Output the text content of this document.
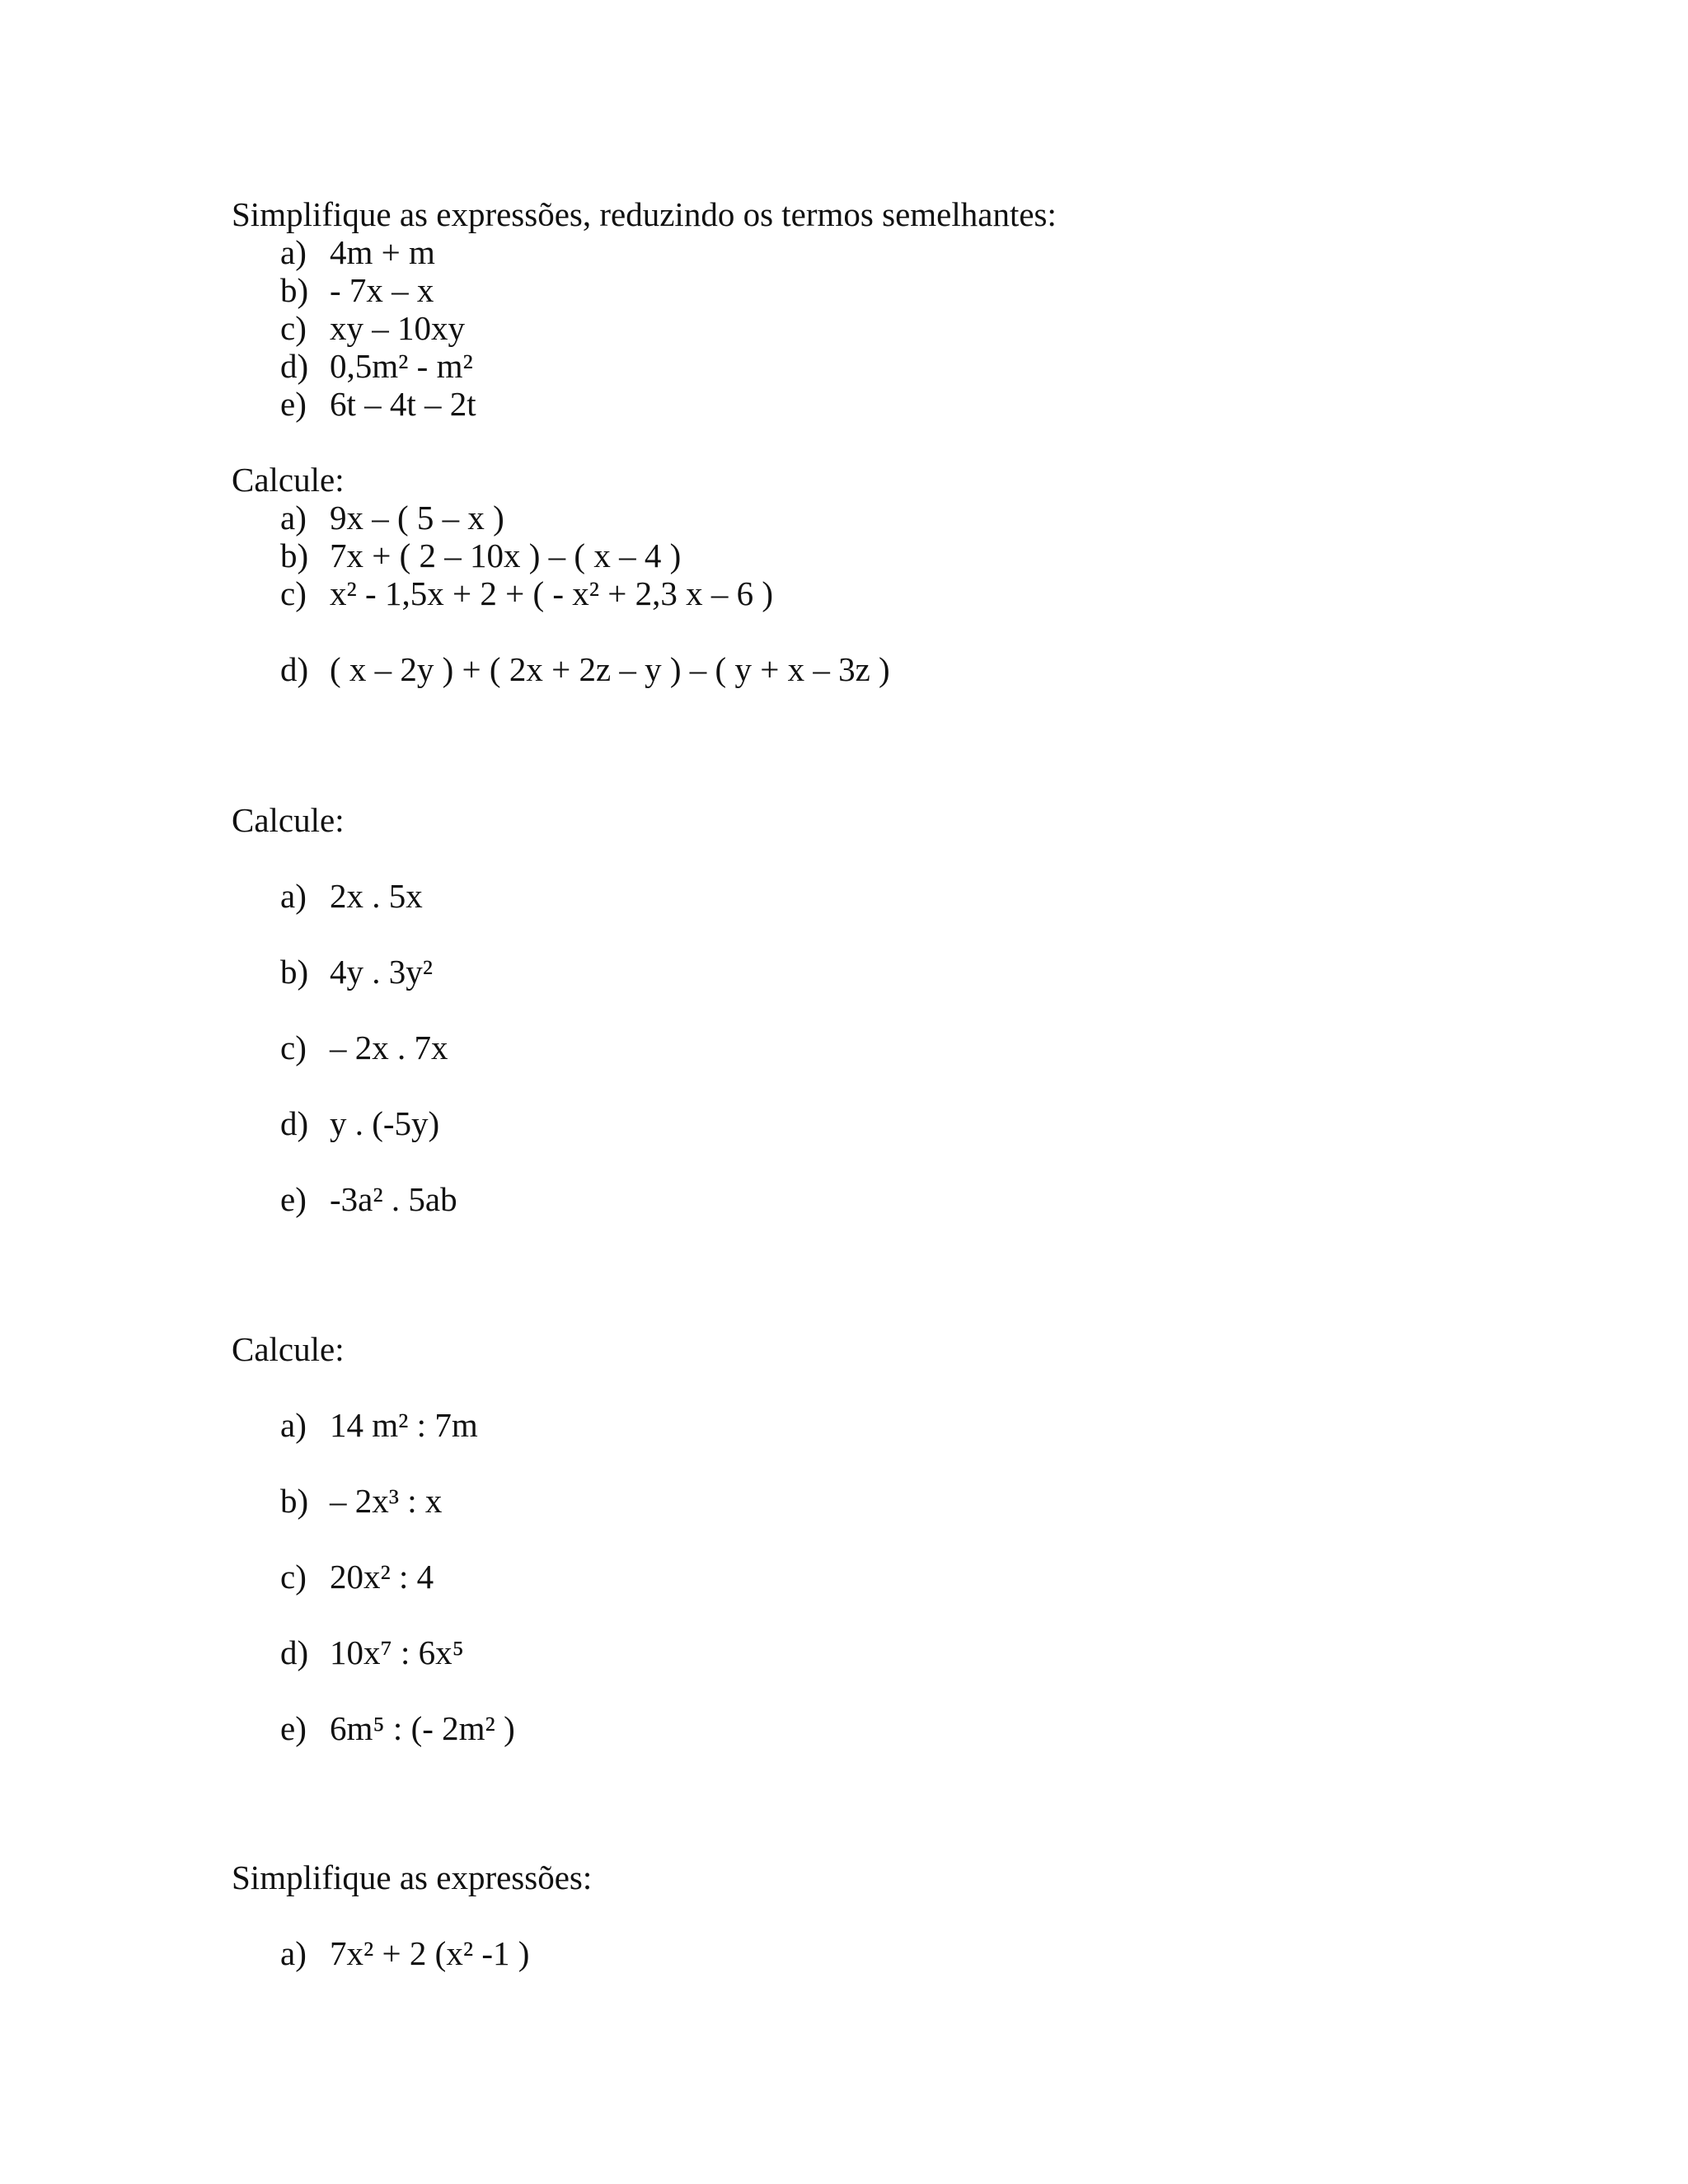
Simplifique as expressões, reduzindo os termos semelhantes:
a) 4m + m
b) - 7x – x
c) xy – 10xy
d) 0,5m² - m²
e) 6t – 4t – 2t
Calcule:
a) 9x – ( 5 – x )
b) 7x + ( 2 – 10x ) – ( x – 4 )
c) x² - 1,5x + 2 + ( - x² + 2,3 x – 6 )
d) ( x – 2y ) + ( 2x + 2z – y ) – ( y + x – 3z )
Calcule:
a) 2x . 5x
b) 4y . 3y²
c) – 2x . 7x
d) y . (-5y)
e) -3a² . 5ab
Calcule:
a) 14 m² : 7m
b) – 2x³ : x
c) 20x² : 4
d) 10x⁷ : 6x⁵
e) 6m⁵ : (- 2m² )
Simplifique as expressões:
a) 7x² + 2 (x² -1 )
